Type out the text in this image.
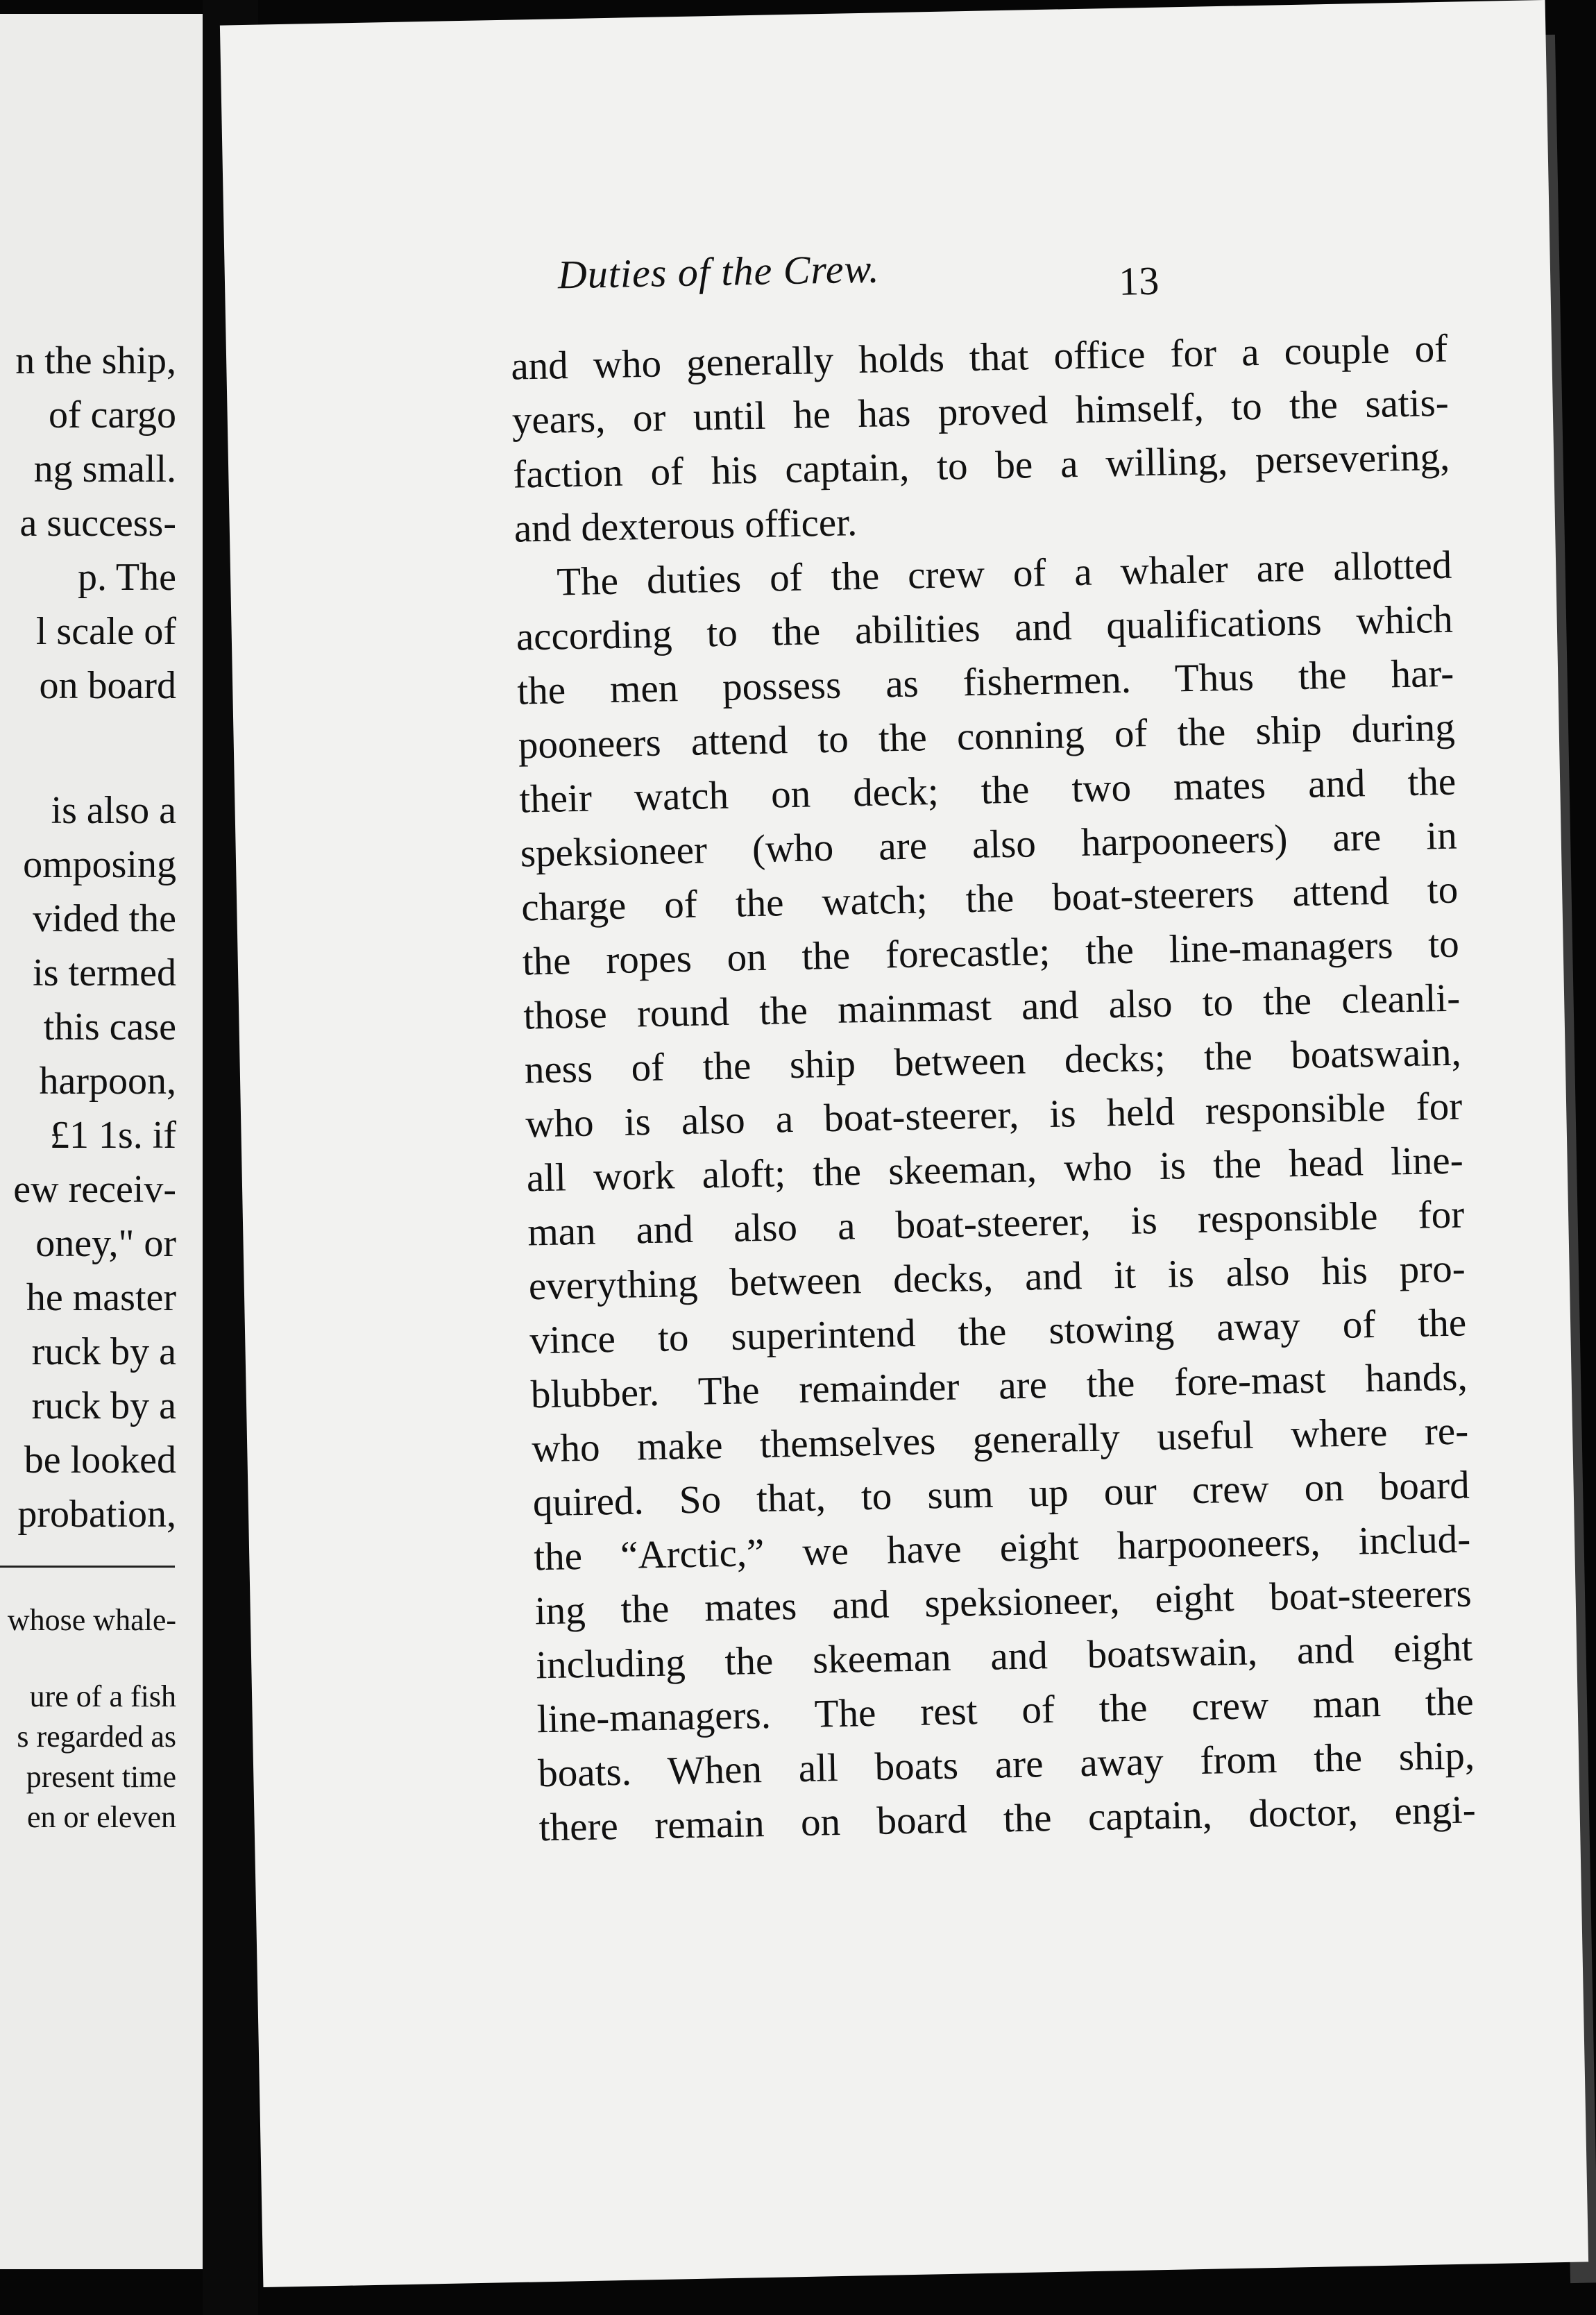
n the ship,
of cargo
ng small.
a success-
p. The
l scale of
on board
is also a
omposing
vided the
is termed
this case
harpoon,
£1 1s. if
ew receiv-
oney," or
he master
ruck by a
ruck by a
be looked
probation,
whose whale-
ure of a fish
s regarded as
present time
en or eleven
Duties of the Crew.	13
and who generally holds that office for a couple of
years, or until he has proved himself, to the satis-
faction of his captain, to be a willing, persevering,
and dexterous officer.
The duties of the crew of a whaler are allotted
according to the abilities and qualifications which
the men possess as fishermen. Thus the har-
pooneers attend to the conning of the ship during
their watch on deck; the two mates and the
speksioneer (who are also harpooneers) are in
charge of the watch; the boat-steerers attend to
the ropes on the forecastle; the line-managers to
those round the mainmast and also to the cleanli-
ness of the ship between decks; the boatswain,
who is also a boat-steerer, is held responsible for
all work aloft; the skeeman, who is the head line-
man and also a boat-steerer, is responsible for
everything between decks, and it is also his pro-
vince to superintend the stowing away of the
blubber. The remainder are the fore-mast hands,
who make themselves generally useful where re-
quired. So that, to sum up our crew on board
the “Arctic,” we have eight harpooneers, includ-
ing the mates and speksioneer, eight boat-steerers
including the skeeman and boatswain, and eight
line-managers. The rest of the crew man the
boats. When all boats are away from the ship,
there remain on board the captain, doctor, engi-
